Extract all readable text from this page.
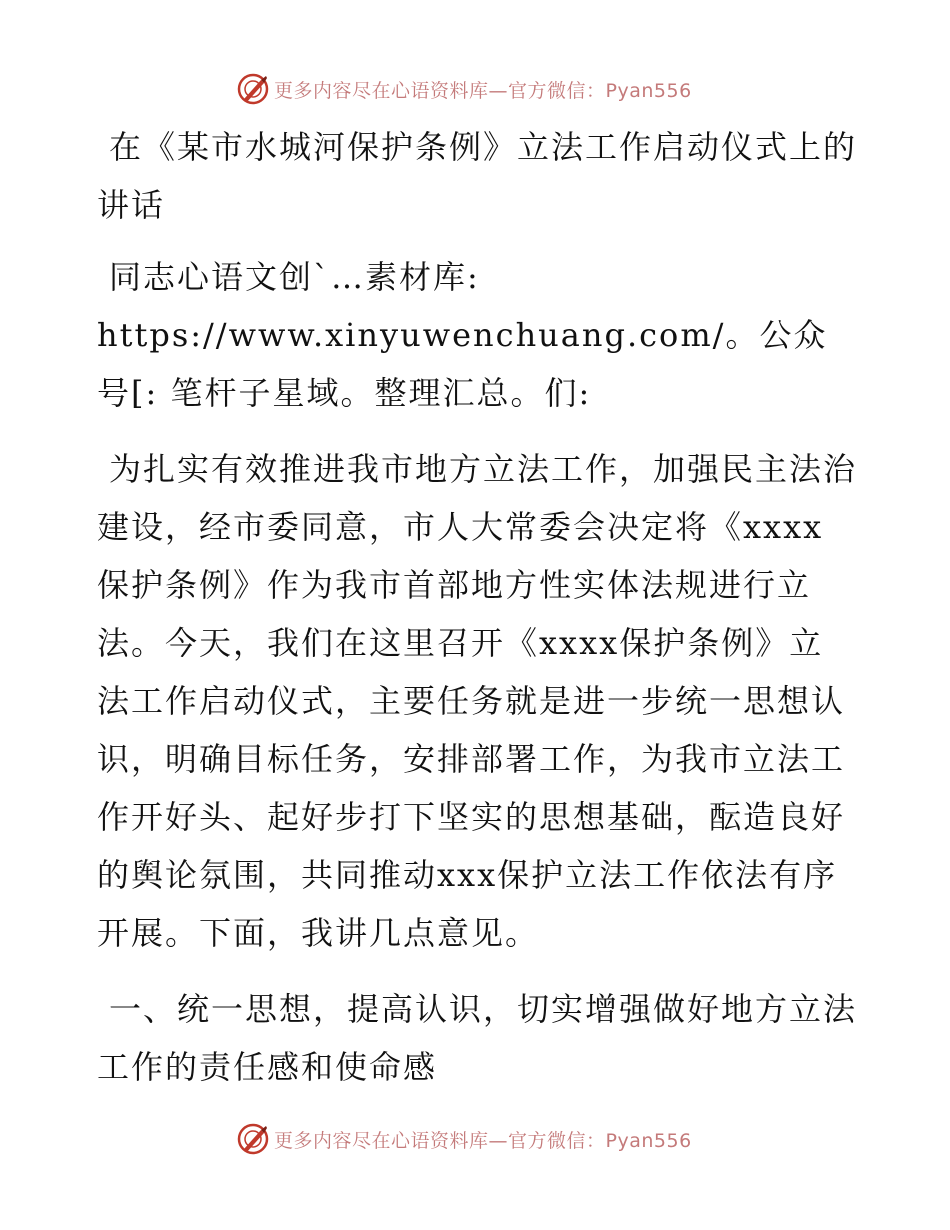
更多内容尽在心语资料库—官方微信：Pyan556

在《某市水城河保护条例》立法工作启动仪式上的讲话

同志心语文创`…素材库: https://www.xinyuwenchuang.com/。公众号[: 笔杆子星域。整理汇总。们:

为扎实有效推进我市地方立法工作，加强民主法治建设，经市委同意，市人大常委会决定将《xxxx保护条例》作为我市首部地方性实体法规进行立法。今天，我们在这里召开《xxxx保护条例》立法工作启动仪式，主要任务就是进一步统一思想认识，明确目标任务，安排部署工作，为我市立法工作开好头、起好步打下坚实的思想基础，酝造良好的舆论氛围，共同推动xxx保护立法工作依法有序开展。下面，我讲几点意见。

一、统一思想，提高认识，切实增强做好地方立法工作的责任感和使命感

更多内容尽在心语资料库—官方微信：Pyan556
